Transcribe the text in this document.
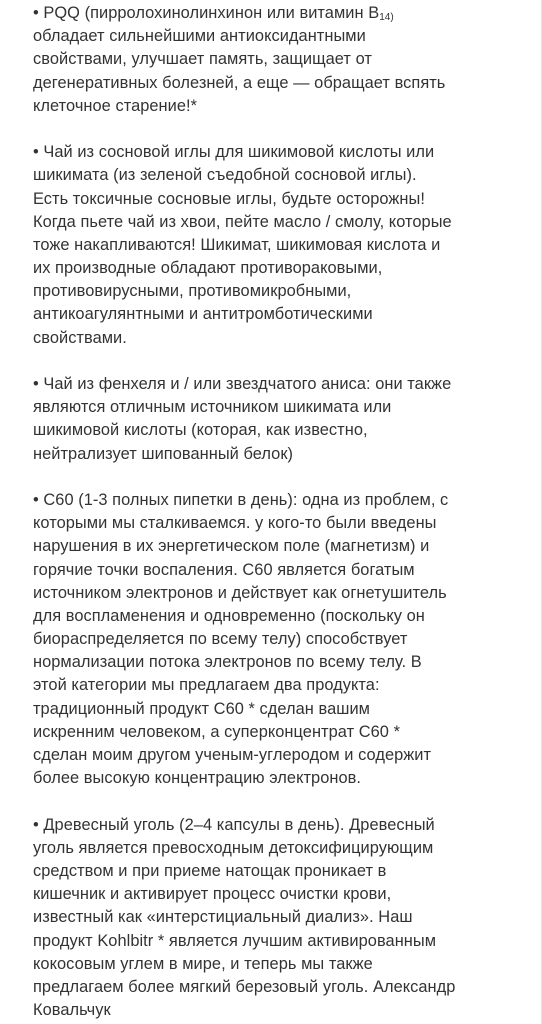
• PQQ (пирролохинолинхинон или витамин $В_{14)}$
обладает сильнейшими антиоксидантными
свойствами, улучшает память, защищает от
дегенеративных болезней, а еще — обращает вспять
клеточное старение!*
• Чай из сосновой иглы для шикимовой кислоты или
шикимата (из зеленой съедобной сосновой иглы).
Есть токсичные сосновые иглы, будьте осторожны!
Когда пьете чай из хвои, пейте масло / смолу, которые
тоже накапливаются! Шикимат, шикимовая кислота и
их производные обладают противораковыми,
противовирусными, противомикробными,
антикоагулянтными и антитромботическими
свойствами.
• Чай из фенхеля и / или звездчатого аниса: они также
являются отличным источником шикимата или
шикимовой кислоты (которая, как известно,
нейтрализует шипованный белок)
• C60 (1-3 полных пипетки в день): одна из проблем, с
которыми мы сталкиваемся. у кого-то были введены
нарушения в их энергетическом поле (магнетизм) и
горячие точки воспаления. С60 является богатым
источником электронов и действует как огнетушитель
для воспламенения и одновременно (поскольку он
биораспределяется по всему телу) способствует
нормализации потока электронов по всему телу. В
этой категории мы предлагаем два продукта:
традиционный продукт C60 * сделан вашим
искренним человеком, а суперконцентрат C60 *
сделан моим другом ученым-углеродом и содержит
более высокую концентрацию электронов.
• Древесный уголь (2–4 капсулы в день). Древесный
уголь является превосходным детоксифицирующим
средством и при приеме натощак проникает в
кишечник и активирует процесс очистки крови,
известный как «интерстициальный диализ». Наш
продукт Kohlbitr * является лучшим активированным
кокосовым углем в мире, и теперь мы также
предлагаем более мягкий березовый уголь. Александр
Ковальчук
